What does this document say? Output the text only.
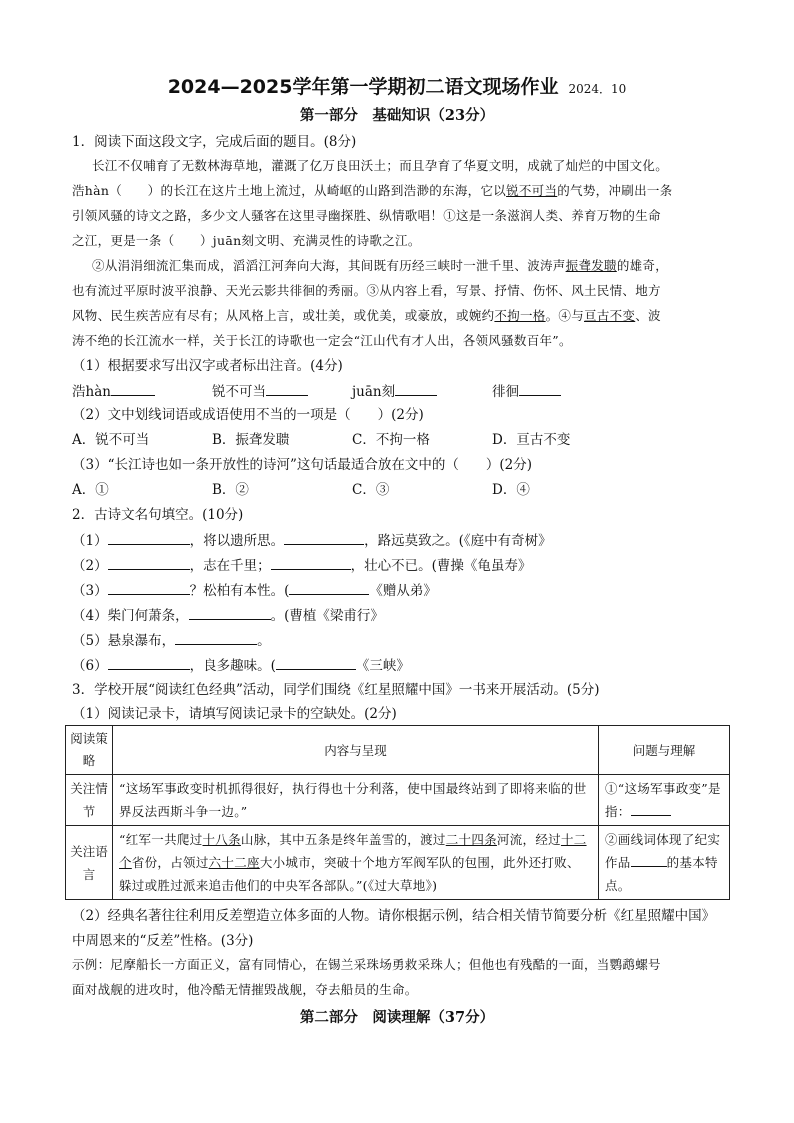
2024—2025学年第一学期初二语文现场作业 2024．10
第一部分　基础知识（23分）
1．阅读下面这段文字，完成后面的题目。(8分)
长江不仅哺育了无数林海草地，灌溉了亿万良田沃土；而且孕育了华夏文明，成就了灿烂的中国文化。
浩hàn（　　）的长江在这片土地上流过，从崎岖的山路到浩渺的东海，它以锐不可当的气势，冲刷出一条
引领风骚的诗文之路，多少文人骚客在这里寻幽探胜、纵情歌唱！①这是一条滋润人类、养育万物的生命
之江，更是一条（　　）juān刻文明、充满灵性的诗歌之江。
②从涓涓细流汇集而成，滔滔江河奔向大海，其间既有历经三峡时一泄千里、波涛声振聋发聩的雄奇，
也有流过平原时波平浪静、天光云影共徘徊的秀丽。③从内容上看，写景、抒情、伤怀、风土民情、地方
风物、民生疾苦应有尽有；从风格上言，或壮美，或优美，或豪放，或婉约不拘一格。④与亘古不变、波
涛不绝的长江流水一样，关于长江的诗歌也一定会“江山代有才人出，各领风骚数百年”。
（1）根据要求写出汉字或者标出注音。(4分)
浩hàn	锐不可当	juān刻	徘徊
（2）文中划线词语或成语使用不当的一项是（　　）(2分)
A．锐不可当	B．振聋发聩	C．不拘一格	D．亘古不变
（3）“长江诗也如一条开放性的诗河”这句话最适合放在文中的（　　）(2分)
A．①	B．②	C．③	D．④
2．古诗文名句填空。(10分)
（1）	，将以遗所思。	，路远莫致之。(《庭中有奇树》
（2）	，志在千里；	，壮心不已。(曹操《龟虽寿》
（3）	？松柏有本性。(	《赠从弟》
（4）柴门何萧条，	。(曹植《梁甫行》
（5）悬泉瀑布，	。
（6）	，良多趣味。(	《三峡》
3．学校开展“阅读红色经典”活动，同学们围绕《红星照耀中国》一书来开展活动。(5分)
（1）阅读记录卡，请填写阅读记录卡的空缺处。(2分)
阅读策略	内容与呈现	问题与理解
关注情节	“这场军事政变时机抓得很好，执行得也十分利落，使中国最终站到了即将来临的世界反法西斯斗争一边。”	①“这场军事政变”是指：
关注语言	“红军一共爬过十八条山脉，其中五条是终年盖雪的，渡过二十四条河流，经过十二个省份，占领过六十二座大小城市，突破十个地方军阀军队的包围，此外还打败、躲过或胜过派来追击他们的中央军各部队。”(《过大草地》)	②画线词体现了纪实作品 的基本特点。
（2）经典名著往往利用反差塑造立体多面的人物。请你根据示例，结合相关情节简要分析《红星照耀中国》
中周恩来的“反差”性格。(3分)
示例：尼摩船长一方面正义，富有同情心，在锡兰采珠场勇救采珠人；但他也有残酷的一面，当鹦鹉螺号
面对战舰的进攻时，他冷酷无情摧毁战舰，夺去船员的生命。
第二部分　阅读理解（37分）
